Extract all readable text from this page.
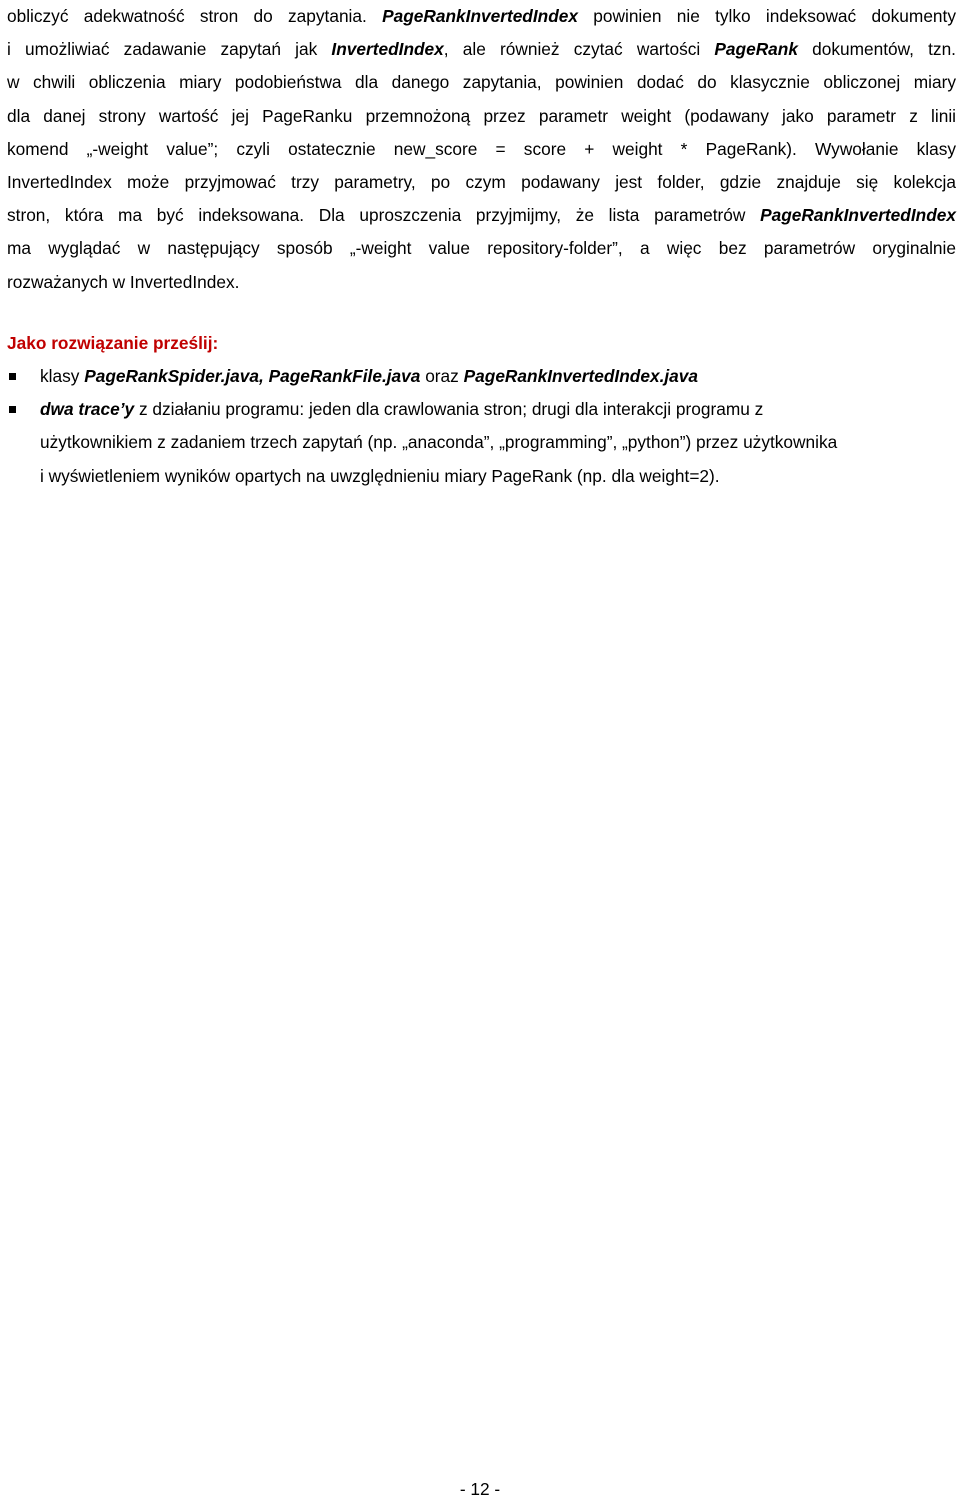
obliczyć adekwatność stron do zapytania. PageRankInvertedIndex powinien nie tylko indeksować dokumenty
i umożliwiać zadawanie zapytań jak InvertedIndex, ale również czytać wartości PageRank dokumentów, tzn.
w chwili obliczenia miary podobieństwa dla danego zapytania, powinien dodać do klasycznie obliczonej miary
dla danej strony wartość jej PageRanku przemnożoną przez parametr weight (podawany jako parametr z linii
komend „-weight value”; czyli ostatecznie new_score = score + weight * PageRank). Wywołanie klasy
InvertedIndex może przyjmować trzy parametry, po czym podawany jest folder, gdzie znajduje się kolekcja
stron, która ma być indeksowana. Dla uproszczenia przyjmijmy, że lista parametrów PageRankInvertedIndex
ma wyglądać w następujący sposób „-weight value repository-folder”, a więc bez parametrów oryginalnie
rozważanych w InvertedIndex.

Jako rozwiązanie prześlij:

klasy PageRankSpider.java, PageRankFile.java oraz PageRankInvertedIndex.java
dwa trace’y z działaniu programu: jeden dla crawlowania stron; drugi dla interakcji programu z
użytkownikiem z zadaniem trzech zapytań (np. „anaconda”, „programming”, „python”) przez użytkownika
i wyświetleniem wyników opartych na uwzględnieniu miary PageRank (np. dla weight=2).
- 12 -
